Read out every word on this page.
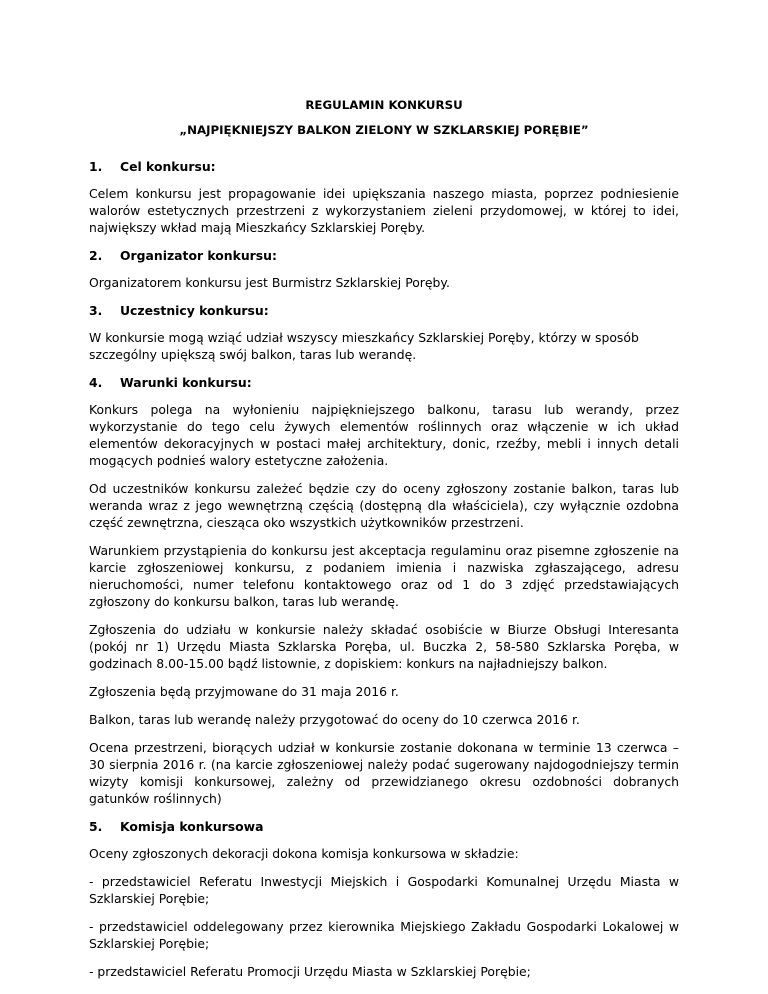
REGULAMIN KONKURSU
„NAJPIĘKNIEJSZY BALKON ZIELONY W SZKLARSKIEJ PORĘBIE”
1.	Cel konkursu:

Celem konkursu jest propagowanie idei upiększania naszego miasta, poprzez podniesienie walorów estetycznych przestrzeni z wykorzystaniem zieleni przydomowej, w której to idei, największy wkład mają Mieszkańcy Szklarskiej Poręby.

2.	Organizator konkursu:

Organizatorem konkursu jest Burmistrz Szklarskiej Poręby.

3.	Uczestnicy konkursu:

W konkursie mogą wziąć udział wszyscy mieszkańcy Szklarskiej Poręby, którzy w sposób szczególny upiększą swój balkon, taras lub werandę.

4.	Warunki konkursu:

Konkurs polega na wyłonieniu najpiękniejszego balkonu, tarasu lub werandy, przez wykorzystanie do tego celu żywych elementów roślinnych oraz włączenie w ich układ elementów dekoracyjnych w postaci małej architektury, donic, rzeźby, mebli i innych detali mogących podnieś walory estetyczne założenia.

Od uczestników konkursu zależeć będzie czy do oceny zgłoszony zostanie balkon, taras lub weranda wraz z jego wewnętrzną częścią (dostępną dla właściciela), czy wyłącznie ozdobna część zewnętrzna, ciesząca oko wszystkich użytkowników przestrzeni.

Warunkiem przystąpienia do konkursu jest akceptacja regulaminu oraz pisemne zgłoszenie na karcie zgłoszeniowej konkursu, z podaniem imienia i nazwiska zgłaszającego, adresu nieruchomości, numer telefonu kontaktowego oraz od 1 do 3 zdjęć przedstawiających zgłoszony do konkursu balkon, taras lub werandę.

Zgłoszenia do udziału w konkursie należy składać osobiście w Biurze Obsługi Interesanta (pokój nr 1) Urzędu Miasta Szklarska Poręba, ul. Buczka 2, 58-580 Szklarska Poręba, w godzinach 8.00-15.00 bądź listownie, z dopiskiem: konkurs na najładniejszy balkon.

Zgłoszenia będą przyjmowane do 31 maja 2016 r.

Balkon, taras lub werandę należy przygotować do oceny do 10 czerwca 2016 r.

Ocena przestrzeni, biorących udział w konkursie zostanie dokonana w terminie 13 czerwca – 30 sierpnia 2016 r. (na karcie zgłoszeniowej należy podać sugerowany najdogodniejszy termin wizyty komisji konkursowej, zależny od przewidzianego okresu ozdobności dobranych gatunków roślinnych)

5.	Komisja konkursowa

Oceny zgłoszonych dekoracji dokona komisja konkursowa w składzie:

- przedstawiciel Referatu Inwestycji Miejskich i Gospodarki Komunalnej Urzędu Miasta w Szklarskiej Porębie;

- przedstawiciel oddelegowany przez kierownika Miejskiego Zakładu Gospodarki Lokalowej w Szklarskiej Porębie;

- przedstawiciel Referatu Promocji Urzędu Miasta w Szklarskiej Porębie;
